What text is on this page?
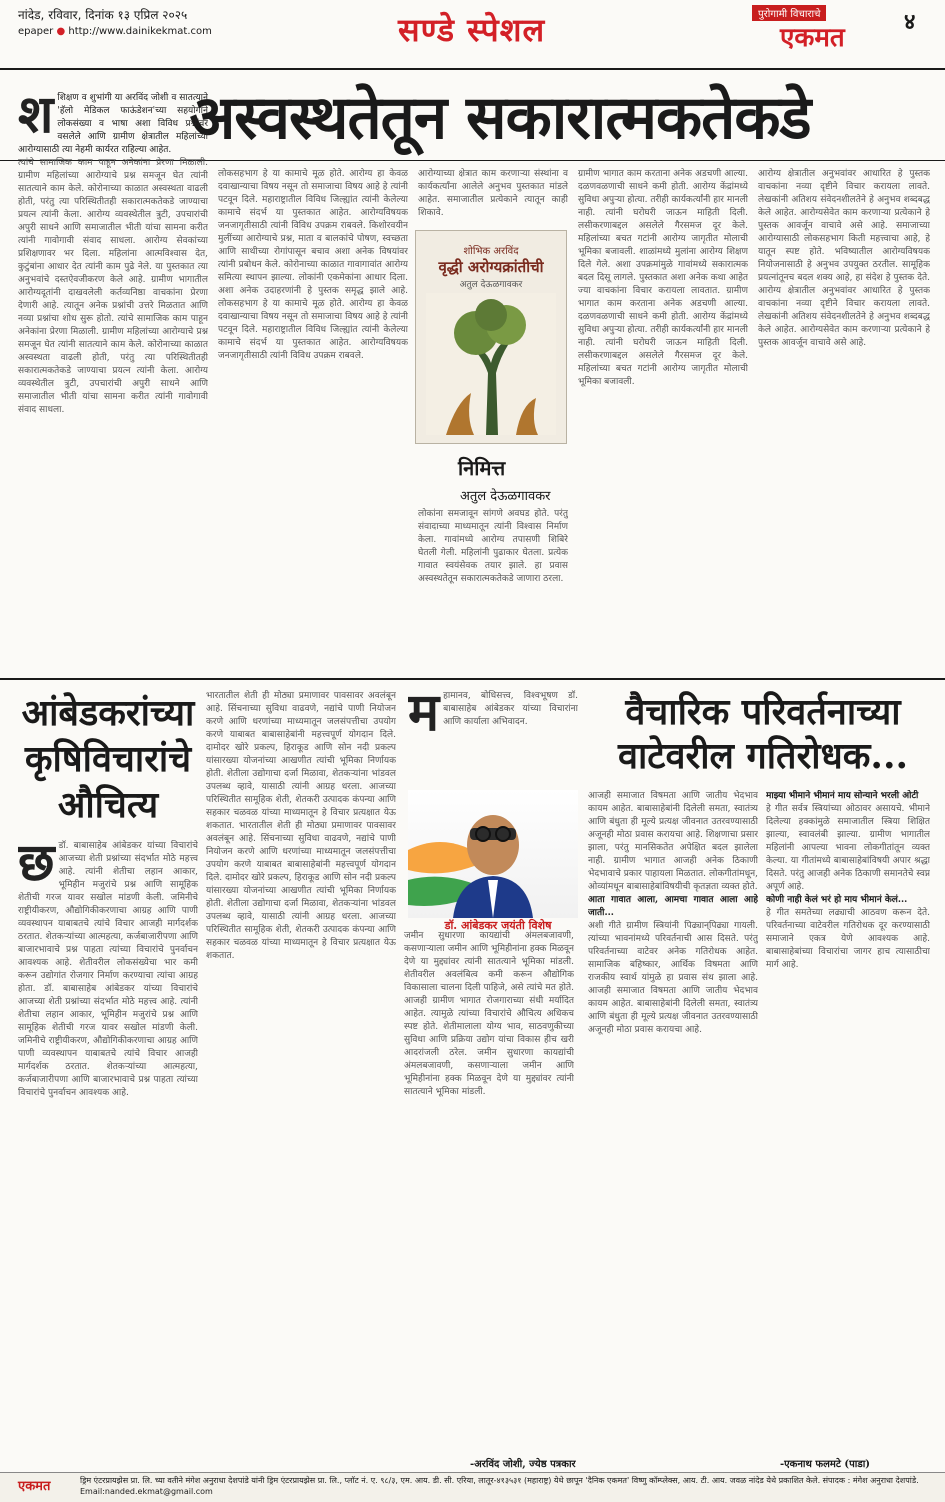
नांदेड, रविवार, दिनांक १३ एप्रिल २०२५
epaper ● http://www.dainikekmat.com	सण्डे स्पेशल	पुरोगामी विचाराचे
एकमत
४
अस्वस्थतेतून सकारात्मकतेकडे
श शिक्षण व शुभांगी या अरविंद जोशी व सातत्याने 'हॅलो मेडिकल फाऊंडेशन'च्या सहयोगाने लोकसंख्या व भाषा अशा विविध प्रश्नांवर वसलेले आणि ग्रामीण क्षेत्रातील महिलांच्या आरोग्यासाठी त्या नेहमी कार्यरत राहिल्या आहेत.
त्यांचे सामाजिक काम पाहून अनेकांना प्रेरणा मिळाली. ग्रामीण महिलांच्या आरोग्याचे प्रश्न समजून घेत त्यांनी सातत्याने काम केले. कोरोनाच्या काळात अस्वस्थता वाढली होती, परंतु त्या परिस्थितीतही सकारात्मकतेकडे जाण्याचा प्रयत्न त्यांनी केला. आरोग्य व्यवस्थेतील त्रुटी, उपचारांची अपुरी साधने आणि समाजातील भीती यांचा सामना करीत त्यांनी गावोगावी संवाद साधला. आरोग्य सेवकांच्या प्रशिक्षणावर भर दिला. महिलांना आत्मविश्वास देत, कुटुंबांना आधार देत त्यांनी काम पुढे नेले. या पुस्तकात त्या अनुभवांचे दस्तऐवजीकरण केले आहे. ग्रामीण भागातील आरोग्यदूतांनी दाखवलेली कर्तव्यनिष्ठा वाचकांना प्रेरणा देणारी आहे. त्यातून अनेक प्रश्नांची उत्तरे मिळतात आणि नव्या प्रश्नांचा शोध सुरू होतो. त्यांचे सामाजिक काम पाहून अनेकांना प्रेरणा मिळाली. ग्रामीण महिलांच्या आरोग्याचे प्रश्न समजून घेत त्यांनी सातत्याने काम केले. कोरोनाच्या काळात अस्वस्थता वाढली होती, परंतु त्या परिस्थितीतही सकारात्मकतेकडे जाण्याचा प्रयत्न त्यांनी केला. आरोग्य व्यवस्थेतील त्रुटी, उपचारांची अपुरी साधने आणि समाजातील भीती यांचा सामना करीत त्यांनी गावोगावी संवाद साधला.
लोकसहभाग हे या कामाचे मूळ होते. आरोग्य हा केवळ दवाखान्याचा विषय नसून तो समाजाचा विषय आहे हे त्यांनी पटवून दिले. महाराष्ट्रातील विविध जिल्ह्यांत त्यांनी केलेल्या कामाचे संदर्भ या पुस्तकात आहेत. आरोग्यविषयक जनजागृतीसाठी त्यांनी विविध उपक्रम राबवले. किशोरवयीन मुलींच्या आरोग्याचे प्रश्न, माता व बालकांचे पोषण, स्वच्छता आणि साथीच्या रोगांपासून बचाव अशा अनेक विषयांवर त्यांनी प्रबोधन केले. कोरोनाच्या काळात गावागावांत आरोग्य समित्या स्थापन झाल्या. लोकांनी एकमेकांना आधार दिला. अशा अनेक उदाहरणांनी हे पुस्तक समृद्ध झाले आहे. लोकसहभाग हे या कामाचे मूळ होते. आरोग्य हा केवळ दवाखान्याचा विषय नसून तो समाजाचा विषय आहे हे त्यांनी पटवून दिले. महाराष्ट्रातील विविध जिल्ह्यांत त्यांनी केलेल्या कामाचे संदर्भ या पुस्तकात आहेत. आरोग्यविषयक जनजागृतीसाठी त्यांनी विविध उपक्रम राबवले.
शोभिक अरविंद
वृद्धी अरोग्यक्रांतीची
अतुल देऊळगावकर
आरोग्याच्या क्षेत्रात काम करणाऱ्या संस्थांना व कार्यकर्त्यांना आलेले अनुभव पुस्तकात मांडले आहेत. समाजातील प्रत्येकाने त्यातून काही शिकावे.
निमित्त
अतुल देऊळगावकर
लोकांना समजावून सांगणे अवघड होते. परंतु संवादाच्या माध्यमातून त्यांनी विश्वास निर्माण केला. गावांमध्ये आरोग्य तपासणी शिबिरे घेतली गेली. महिलांनी पुढाकार घेतला. प्रत्येक गावात स्वयंसेवक तयार झाले. हा प्रवास अस्वस्थतेतून सकारात्मकतेकडे जाणारा ठरला.
ग्रामीण भागात काम करताना अनेक अडचणी आल्या. दळणवळणाची साधने कमी होती. आरोग्य केंद्रांमध्ये सुविधा अपुऱ्या होत्या. तरीही कार्यकर्त्यांनी हार मानली नाही. त्यांनी घरोघरी जाऊन माहिती दिली. लसीकरणाबद्दल असलेले गैरसमज दूर केले. महिलांच्या बचत गटांनी आरोग्य जागृतीत मोलाची भूमिका बजावली. शाळांमध्ये मुलांना आरोग्य शिक्षण दिले गेले. अशा उपक्रमांमुळे गावांमध्ये सकारात्मक बदल दिसू लागले. पुस्तकात अशा अनेक कथा आहेत ज्या वाचकांना विचार करायला लावतात. ग्रामीण भागात काम करताना अनेक अडचणी आल्या. दळणवळणाची साधने कमी होती. आरोग्य केंद्रांमध्ये सुविधा अपुऱ्या होत्या. तरीही कार्यकर्त्यांनी हार मानली नाही. त्यांनी घरोघरी जाऊन माहिती दिली. लसीकरणाबद्दल असलेले गैरसमज दूर केले. महिलांच्या बचत गटांनी आरोग्य जागृतीत मोलाची भूमिका बजावली.
आरोग्य क्षेत्रातील अनुभवांवर आधारित हे पुस्तक वाचकांना नव्या दृष्टीने विचार करायला लावते. लेखकांनी अतिशय संवेदनशीलतेने हे अनुभव शब्दबद्ध केले आहेत. आरोग्यसेवेत काम करणाऱ्या प्रत्येकाने हे पुस्तक आवर्जून वाचावे असे आहे. समाजाच्या आरोग्यासाठी लोकसहभाग किती महत्त्वाचा आहे, हे यातून स्पष्ट होते. भविष्यातील आरोग्यविषयक नियोजनासाठी हे अनुभव उपयुक्त ठरतील. सामूहिक प्रयत्नांतूनच बदल शक्य आहे, हा संदेश हे पुस्तक देते. आरोग्य क्षेत्रातील अनुभवांवर आधारित हे पुस्तक वाचकांना नव्या दृष्टीने विचार करायला लावते. लेखकांनी अतिशय संवेदनशीलतेने हे अनुभव शब्दबद्ध केले आहेत. आरोग्यसेवेत काम करणाऱ्या प्रत्येकाने हे पुस्तक आवर्जून वाचावे असे आहे.
आंबेडकरांच्या
कृषिविचारांचे
औचित्य
छ डॉ. बाबासाहेब आंबेडकर यांच्या विचारांचे आजच्या शेती प्रश्नांच्या संदर्भात मोठे महत्त्व आहे. त्यांनी शेतीचा लहान आकार, भूमिहीन मजुरांचे प्रश्न आणि सामूहिक शेतीची गरज यावर सखोल मांडणी केली. जमिनीचे राष्ट्रीयीकरण, औद्योगिकीकरणाचा आग्रह आणि पाणी व्यवस्थापन याबाबतचे त्यांचे विचार आजही मार्गदर्शक ठरतात. शेतकऱ्यांच्या आत्महत्या, कर्जबाजारीपणा आणि बाजारभावाचे प्रश्न पाहता त्यांच्या विचारांचे पुनर्वाचन आवश्यक आहे. शेतीवरील लोकसंख्येचा भार कमी करून उद्योगांत रोजगार निर्माण करण्याचा त्यांचा आग्रह होता. डॉ. बाबासाहेब आंबेडकर यांच्या विचारांचे आजच्या शेती प्रश्नांच्या संदर्भात मोठे महत्त्व आहे. त्यांनी शेतीचा लहान आकार, भूमिहीन मजुरांचे प्रश्न आणि सामूहिक शेतीची गरज यावर सखोल मांडणी केली. जमिनीचे राष्ट्रीयीकरण, औद्योगिकीकरणाचा आग्रह आणि पाणी व्यवस्थापन याबाबतचे त्यांचे विचार आजही मार्गदर्शक ठरतात. शेतकऱ्यांच्या आत्महत्या, कर्जबाजारीपणा आणि बाजारभावाचे प्रश्न पाहता त्यांच्या विचारांचे पुनर्वाचन आवश्यक आहे.
भारतातील शेती ही मोठ्या प्रमाणावर पावसावर अवलंबून आहे. सिंचनाच्या सुविधा वाढवणे, नद्यांचे पाणी नियोजन करणे आणि धरणांच्या माध्यमातून जलसंपत्तीचा उपयोग करणे याबाबत बाबासाहेबांनी महत्त्वपूर्ण योगदान दिले. दामोदर खोरे प्रकल्प, हिराकूड आणि सोन नदी प्रकल्प यांसारख्या योजनांच्या आखणीत त्यांची भूमिका निर्णायक होती. शेतीला उद्योगाचा दर्जा मिळावा, शेतकऱ्यांना भांडवल उपलब्ध व्हावे, यासाठी त्यांनी आग्रह धरला. आजच्या परिस्थितीत सामूहिक शेती, शेतकरी उत्पादक कंपन्या आणि सहकार चळवळ यांच्या माध्यमातून हे विचार प्रत्यक्षात येऊ शकतात. भारतातील शेती ही मोठ्या प्रमाणावर पावसावर अवलंबून आहे. सिंचनाच्या सुविधा वाढवणे, नद्यांचे पाणी नियोजन करणे आणि धरणांच्या माध्यमातून जलसंपत्तीचा उपयोग करणे याबाबत बाबासाहेबांनी महत्त्वपूर्ण योगदान दिले. दामोदर खोरे प्रकल्प, हिराकूड आणि सोन नदी प्रकल्प यांसारख्या योजनांच्या आखणीत त्यांची भूमिका निर्णायक होती. शेतीला उद्योगाचा दर्जा मिळावा, शेतकऱ्यांना भांडवल उपलब्ध व्हावे, यासाठी त्यांनी आग्रह धरला. आजच्या परिस्थितीत सामूहिक शेती, शेतकरी उत्पादक कंपन्या आणि सहकार चळवळ यांच्या माध्यमातून हे विचार प्रत्यक्षात येऊ शकतात.
जमीन सुधारणा कायद्यांची अंमलबजावणी, कसणाऱ्याला जमीन आणि भूमिहीनांना हक्क मिळवून देणे या मुद्द्यांवर त्यांनी सातत्याने भूमिका मांडली. शेतीवरील अवलंबित्व कमी करून औद्योगिक विकासाला चालना दिली पाहिजे, असे त्यांचे मत होते. आजही ग्रामीण भागात रोजगाराच्या संधी मर्यादित आहेत. त्यामुळे त्यांच्या विचारांचे औचित्य अधिकच स्पष्ट होते. शेतीमालाला योग्य भाव, साठवणुकीच्या सुविधा आणि प्रक्रिया उद्योग यांचा विकास हीच खरी आदरांजली ठरेल. जमीन सुधारणा कायद्यांची अंमलबजावणी, कसणाऱ्याला जमीन आणि भूमिहीनांना हक्क मिळवून देणे या मुद्द्यांवर त्यांनी सातत्याने भूमिका मांडली.
-अरविंद जोशी, ज्येष्ठ पत्रकार
म हामानव, बोधिसत्त्व, विश्वभूषण डॉ. बाबासाहेब आंबेडकर यांच्या विचारांना आणि कार्याला अभिवादन.
डॉ. आंबेडकर जयंती विशेष
वैचारिक परिवर्तनाच्या
वाटेवरील गतिरोधक...
आजही समाजात विषमता आणि जातीय भेदभाव कायम आहेत. बाबासाहेबांनी दिलेली समता, स्वातंत्र्य आणि बंधुता ही मूल्ये प्रत्यक्ष जीवनात उतरवण्यासाठी अजूनही मोठा प्रवास करायचा आहे. शिक्षणाचा प्रसार झाला, परंतु मानसिकतेत अपेक्षित बदल झालेला नाही. ग्रामीण भागात आजही अनेक ठिकाणी भेदभावाचे प्रकार पाहायला मिळतात. लोकगीतांमधून, ओव्यांमधून बाबासाहेबांविषयीची कृतज्ञता व्यक्त होते.
आता गावात आला, आमचा गावात आला आहे जाती...
अशी गीते ग्रामीण स्त्रियांनी पिढ्यान्‌पिढ्या गायली. त्यांच्या भावनांमध्ये परिवर्तनाची आस दिसते. परंतु परिवर्तनाच्या वाटेवर अनेक गतिरोधक आहेत. सामाजिक बहिष्कार, आर्थिक विषमता आणि राजकीय स्वार्थ यांमुळे हा प्रवास संथ झाला आहे. आजही समाजात विषमता आणि जातीय भेदभाव कायम आहेत. बाबासाहेबांनी दिलेली समता, स्वातंत्र्य आणि बंधुता ही मूल्ये प्रत्यक्ष जीवनात उतरवण्यासाठी अजूनही मोठा प्रवास करायचा आहे.
माझ्या भीमाने भीमानं माय सोन्याने भरली ओटी
हे गीत सर्वत्र स्त्रियांच्या ओठावर असायचे. भीमाने दिलेल्या हक्कांमुळे समाजातील स्त्रिया शिक्षित झाल्या, स्वावलंबी झाल्या. ग्रामीण भागातील महिलांनी आपल्या भावना लोकगीतांतून व्यक्त केल्या. या गीतांमध्ये बाबासाहेबांविषयी अपार श्रद्धा दिसते. परंतु आजही अनेक ठिकाणी समानतेचे स्वप्न अपूर्ण आहे.
कोणी नाही केलं भरं हो माय भीमानं केलं...
हे गीत समतेच्या लढ्याची आठवण करून देते. परिवर्तनाच्या वाटेवरील गतिरोधक दूर करण्यासाठी समाजाने एकत्र येणे आवश्यक आहे. बाबासाहेबांच्या विचारांचा जागर हाच त्यासाठीचा मार्ग आहे.
-एकनाथ फलमटे (पाडा)
एकमत	ड्रिम एंटरप्रायझेस प्रा. लि. च्या वतीने मंगेश अनुराधा देशपांडे यांनी ड्रिम एंटरप्रायझेस प्रा. लि., प्लॉट नं. ए. ९८/३, एम. आय. डी. सी. एरिया, लातूर-४१३५३१ (महाराष्ट्र) येथे छापून 'दैनिक एकमत' विष्णु कॉम्प्लेक्स, आय. टी. आय. जवळ नांदेड येथे प्रकाशित केले. संपादक : मंगेश अनुराधा देशपांडे. Email:nanded.ekmat@gmail.com
